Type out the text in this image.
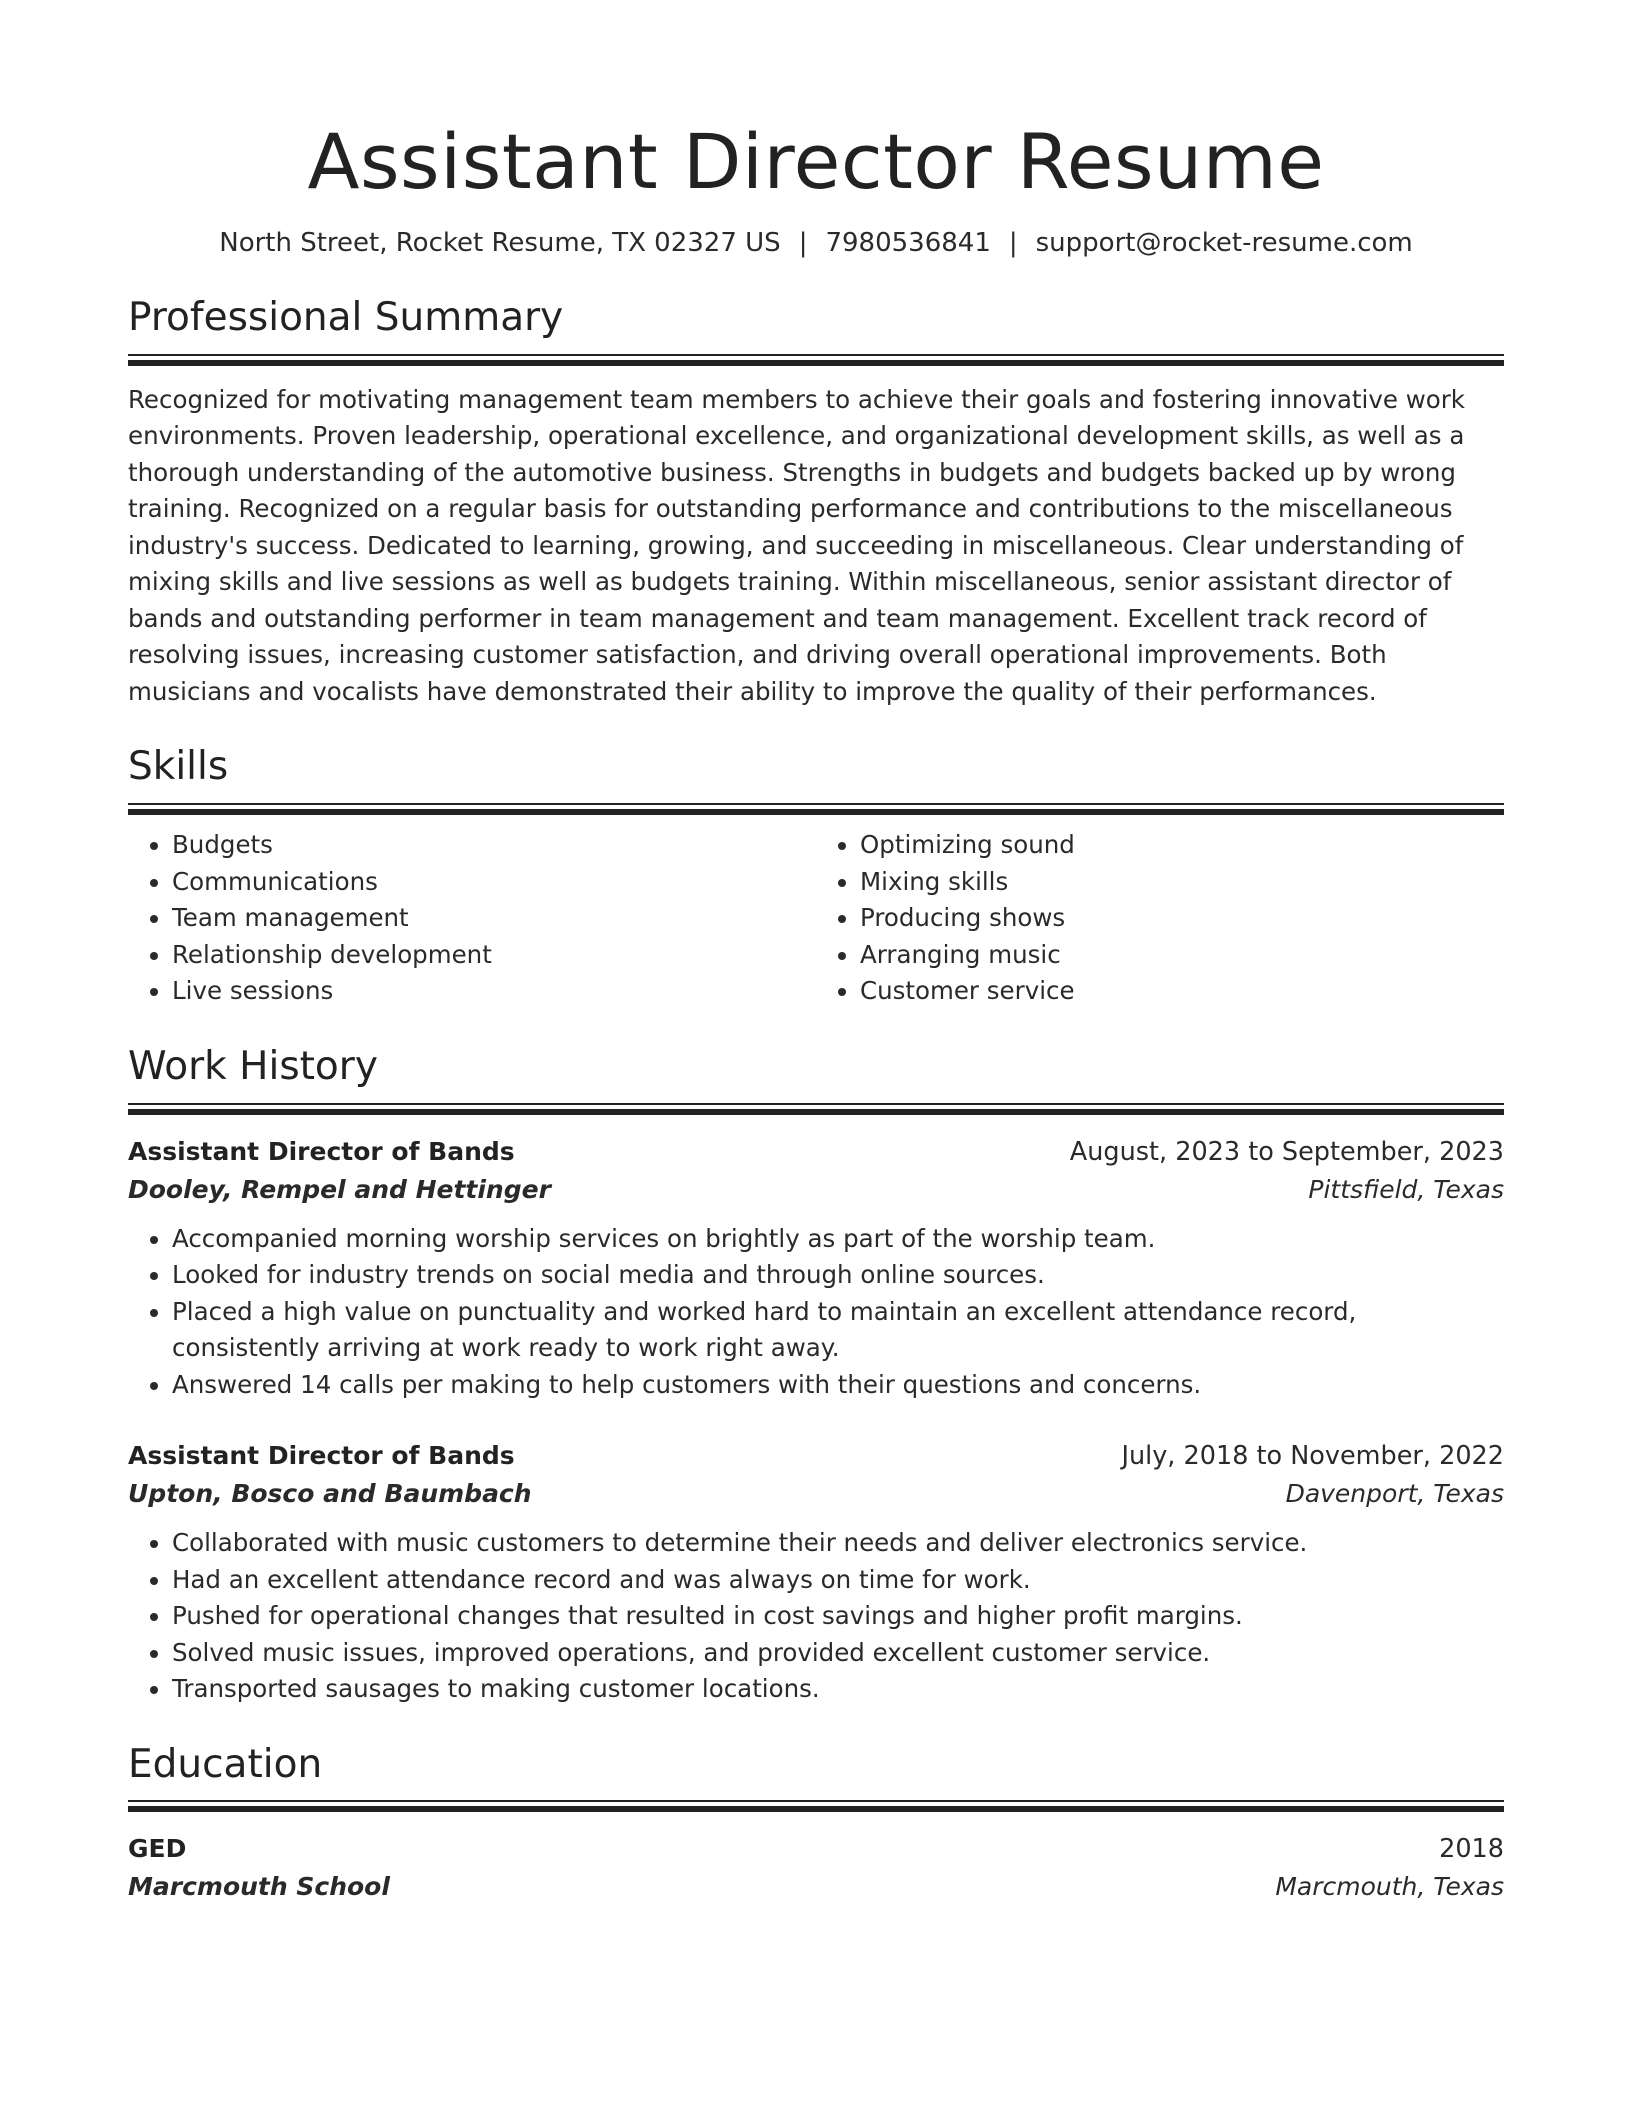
Assistant Director Resume
North Street, Rocket Resume, TX 02327 US | 7980536841 | support@rocket-resume.com
Professional Summary

Recognized for motivating management team members to achieve their goals and fostering innovative work environments. Proven leadership, operational excellence, and organizational development skills, as well as a thorough understanding of the automotive business. Strengths in budgets and budgets backed up by wrong training. Recognized on a regular basis for outstanding performance and contributions to the miscellaneous industry's success. Dedicated to learning, growing, and succeeding in miscellaneous. Clear understanding of mixing skills and live sessions as well as budgets training. Within miscellaneous, senior assistant director of bands and outstanding performer in team management and team management. Excellent track record of resolving issues, increasing customer satisfaction, and driving overall operational improvements. Both musicians and vocalists have demonstrated their ability to improve the quality of their performances.

Skills
• Budgets
• Communications
• Team management
• Relationship development
• Live sessions
• Optimizing sound
• Mixing skills
• Producing shows
• Arranging music
• Customer service
Work History
Assistant Director of Bands	August, 2023 to September, 2023
Dooley, Rempel and Hettinger	Pittsfield, Texas
• Accompanied morning worship services on brightly as part of the worship team.
• Looked for industry trends on social media and through online sources.
• Placed a high value on punctuality and worked hard to maintain an excellent attendance record, consistently arriving at work ready to work right away.
• Answered 14 calls per making to help customers with their questions and concerns.
Assistant Director of Bands	July, 2018 to November, 2022
Upton, Bosco and Baumbach	Davenport, Texas
• Collaborated with music customers to determine their needs and deliver electronics service.
• Had an excellent attendance record and was always on time for work.
• Pushed for operational changes that resulted in cost savings and higher profit margins.
• Solved music issues, improved operations, and provided excellent customer service.
• Transported sausages to making customer locations.
Education
GED	2018
Marcmouth School	Marcmouth, Texas
